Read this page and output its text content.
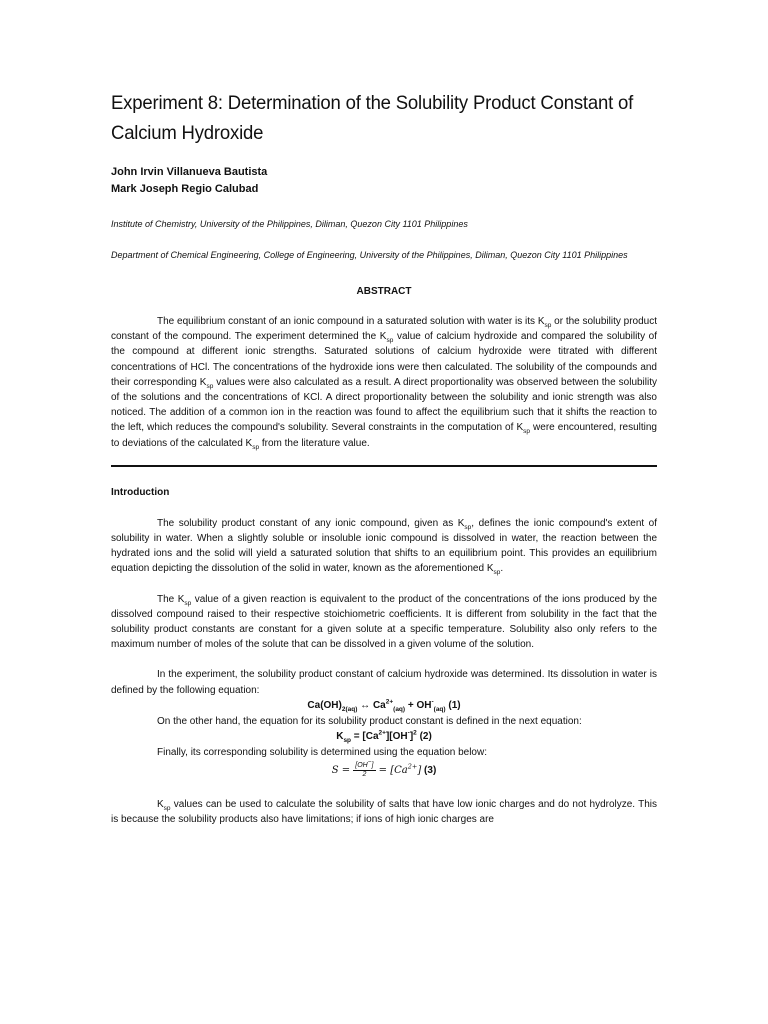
Experiment 8: Determination of the Solubility Product Constant of Calcium Hydroxide
John Irvin Villanueva Bautista
Mark Joseph Regio Calubad
Institute of Chemistry, University of the Philippines, Diliman, Quezon City 1101 Philippines
Department of Chemical Engineering, College of Engineering, University of the Philippines, Diliman, Quezon City 1101 Philippines
ABSTRACT

The equilibrium constant of an ionic compound in a saturated solution with water is its $K_{sp}$ or the solubility product constant of the compound. The experiment determined the $K_{sp}$ value of calcium hydroxide and compared the solubility of the compound at different ionic strengths. Saturated solutions of calcium hydroxide were titrated with different concentrations of HCl. The concentrations of the hydroxide ions were then calculated. The solubility of the compounds and their corresponding $K_{sp}$ values were also calculated as a result. A direct proportionality was observed between the solubility of the solutions and the concentrations of KCl. A direct proportionality between the solubility and ionic strength was also noticed. The addition of a common ion in the reaction was found to affect the equilibrium such that it shifts the reaction to the left, which reduces the compound's solubility. Several constraints in the computation of $K_{sp}$ were encountered, resulting to deviations of the calculated $K_{sp}$ from the literature value.

Introduction

The solubility product constant of any ionic compound, given as $K_{sp}$, defines the ionic compound's extent of solubility in water. When a slightly soluble or insoluble ionic compound is dissolved in water, the reaction between the hydrated ions and the solid will yield a saturated solution that shifts to an equilibrium point. This provides an equilibrium equation depicting the dissolution of the solid in water, known as the aforementioned $K_{sp}$.

The $K_{sp}$ value of a given reaction is equivalent to the product of the concentrations of the ions produced by the dissolved compound raised to their respective stoichiometric coefficients. It is different from solubility in the fact that the solubility product constants are constant for a given solute at a specific temperature. Solubility also only refers to the maximum number of moles of the solute that can be dissolved in a given volume of the solution.

In the experiment, the solubility product constant of calcium hydroxide was determined. Its dissolution in water is defined by the following equation:

$Ca(OH)_{2(aq)}$ ↔ $Ca^{2+}_{(aq)} + OH^-_{(aq)}$ (1)
On the other hand, the equation for its solubility product constant is defined in the next equation:
$K_{sp} = [Ca^{2+}][OH^-]^2$ (2)
Finally, its corresponding solubility is determined using the equation below:
$S = \frac{[OH^-]}{2} = [Ca^{2+}]$ (3)

$K_{sp}$ values can be used to calculate the solubility of salts that have low ionic charges and do not hydrolyze. This is because the solubility products also have limitations; if ions of high ionic charges are
